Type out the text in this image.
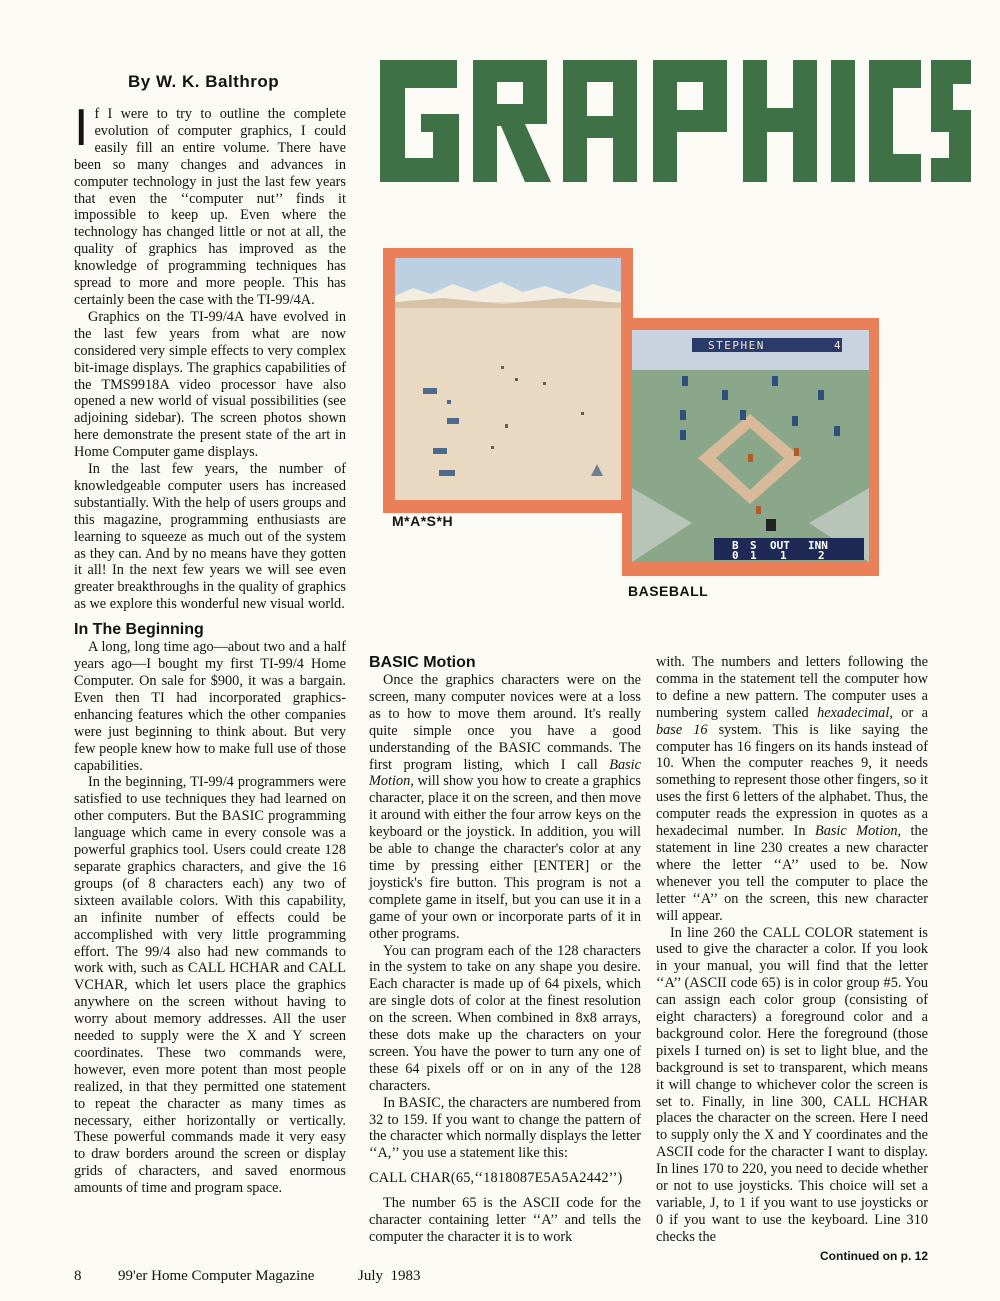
By W. K. Balthrop
GRAPHICS
STEPHEN	4
B S OUT INN
0 1 1	2
M*A*S*H
BASEBALL

If I were to try to outline the complete evolution of computer graphics, I could easily fill an entire volume. There have been so many changes and advances in computer technology in just the last few years that even the ‘‘computer nut’’ finds it impossible to keep up. Even where the technology has changed little or not at all, the quality of graphics has improved as the knowledge of programming techniques has spread to more and more people. This has certainly been the case with the TI-99/4A.

Graphics on the TI-99/4A have evolved in the last few years from what are now considered very simple effects to very complex bit-image displays. The graphics capabilities of the TMS9918A video processor have also opened a new world of visual possibilities (see adjoining sidebar). The screen photos shown here demonstrate the present state of the art in Home Computer game displays.

In the last few years, the number of knowledgeable computer users has increased substantially. With the help of users groups and this magazine, programming enthusiasts are learning to squeeze as much out of the system as they can. And by no means have they gotten it all! In the next few years we will see even greater breakthroughs in the quality of graphics as we explore this wonderful new visual world.

In The Beginning

A long, long time ago—about two and a half years ago—I bought my first TI-99/4 Home Computer. On sale for $900, it was a bargain. Even then TI had incorporated graphics-enhancing features which the other companies were just beginning to think about. But very few people knew how to make full use of those capabilities.

In the beginning, TI-99/4 programmers were satisfied to use techniques they had learned on other computers. But the BASIC programming language which came in every console was a powerful graphics tool. Users could create 128 separate graphics characters, and give the 16 groups (of 8 characters each) any two of sixteen available colors. With this capability, an infinite number of effects could be accomplished with very little programming effort. The 99/4 also had new commands to work with, such as CALL HCHAR and CALL VCHAR, which let users place the graphics anywhere on the screen without having to worry about memory addresses. All the user needed to supply were the X and Y screen coordinates. These two commands were, however, even more potent than most people realized, in that they permitted one statement to repeat the character as many times as necessary, either horizontally or vertically. These powerful commands made it very easy to draw borders around the screen or display grids of characters, and saved enormous amounts of time and program space.

BASIC Motion

Once the graphics characters were on the screen, many computer novices were at a loss as to how to move them around. It's really quite simple once you have a good understanding of the BASIC commands. The first program listing, which I call Basic Motion, will show you how to create a graphics character, place it on the screen, and then move it around with either the four arrow keys on the keyboard or the joystick. In addition, you will be able to change the character's color at any time by pressing either [ENTER] or the joystick's fire button. This program is not a complete game in itself, but you can use it in a game of your own or incorporate parts of it in other programs.

You can program each of the 128 characters in the system to take on any shape you desire. Each character is made up of 64 pixels, which are single dots of color at the finest resolution on the screen. When combined in 8x8 arrays, these dots make up the characters on your screen. You have the power to turn any one of these 64 pixels off or on in any of the 128 characters.

In BASIC, the characters are numbered from 32 to 159. If you want to change the pattern of the character which normally displays the letter ‘‘A,’’ you use a statement like this:

CALL CHAR(65,‘‘1818087E5A5A2442’’)

The number 65 is the ASCII code for the character containing letter ‘‘A’’ and tells the computer the character it is to work

with. The numbers and letters following the comma in the statement tell the computer how to define a new pattern. The computer uses a numbering system called hexadecimal, or a base 16 system. This is like saying the computer has 16 fingers on its hands instead of 10. When the computer reaches 9, it needs something to represent those other fingers, so it uses the first 6 letters of the alphabet. Thus, the computer reads the expression in quotes as a hexadecimal number. In Basic Motion, the statement in line 230 creates a new character where the letter ‘‘A’’ used to be. Now whenever you tell the computer to place the letter ‘‘A’’ on the screen, this new character will appear.

In line 260 the CALL COLOR statement is used to give the character a color. If you look in your manual, you will find that the letter ‘‘A’’ (ASCII code 65) is in color group #5. You can assign each color group (consisting of eight characters) a foreground color and a background color. Here the foreground (those pixels I turned on) is set to light blue, and the background is set to transparent, which means it will change to whichever color the screen is set to. Finally, in line 300, CALL HCHAR places the character on the screen. Here I need to supply only the X and Y coordinates and the ASCII code for the character I want to display. In lines 170 to 220, you need to decide whether or not to use joysticks. This choice will set a variable, J, to 1 if you want to use joysticks or 0 if you want to use the keyboard. Line 310 checks the

Continued on p. 12
8 99'er Home Computer Magazine	July  1983
